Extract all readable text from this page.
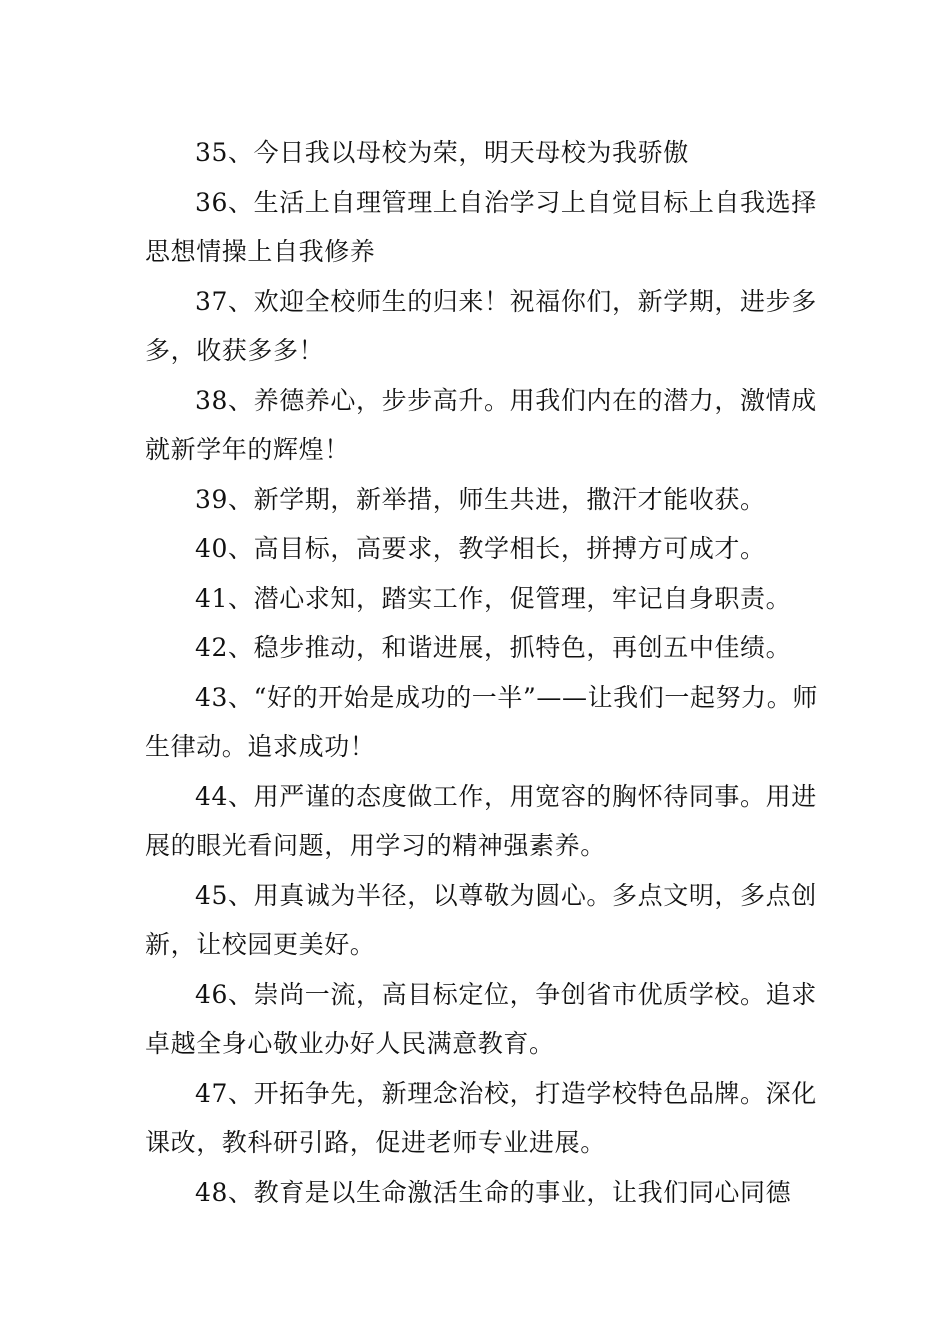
35、今日我以母校为荣，明天母校为我骄傲

36、生活上自理管理上自治学习上自觉目标上自我选择思想情操上自我修养

37、欢迎全校师生的归来！祝福你们，新学期，进步多多，收获多多！

38、养德养心，步步高升。用我们内在的潜力，激情成就新学年的辉煌！

39、新学期，新举措，师生共进，撒汗才能收获。

40、高目标，高要求，教学相长，拼搏方可成才。

41、潜心求知，踏实工作，促管理，牢记自身职责。

42、稳步推动，和谐进展，抓特色，再创五中佳绩。

43、“好的开始是成功的一半”——让我们一起努力。师生律动。追求成功！

44、用严谨的态度做工作，用宽容的胸怀待同事。用进展的眼光看问题，用学习的精神强素养。

45、用真诚为半径，以尊敬为圆心。多点文明，多点创新，让校园更美好。

46、崇尚一流，高目标定位，争创省市优质学校。追求卓越全身心敬业办好人民满意教育。

47、开拓争先，新理念治校，打造学校特色品牌。深化课改，教科研引路，促进老师专业进展。

48、教育是以生命激活生命的事业，让我们同心同德
